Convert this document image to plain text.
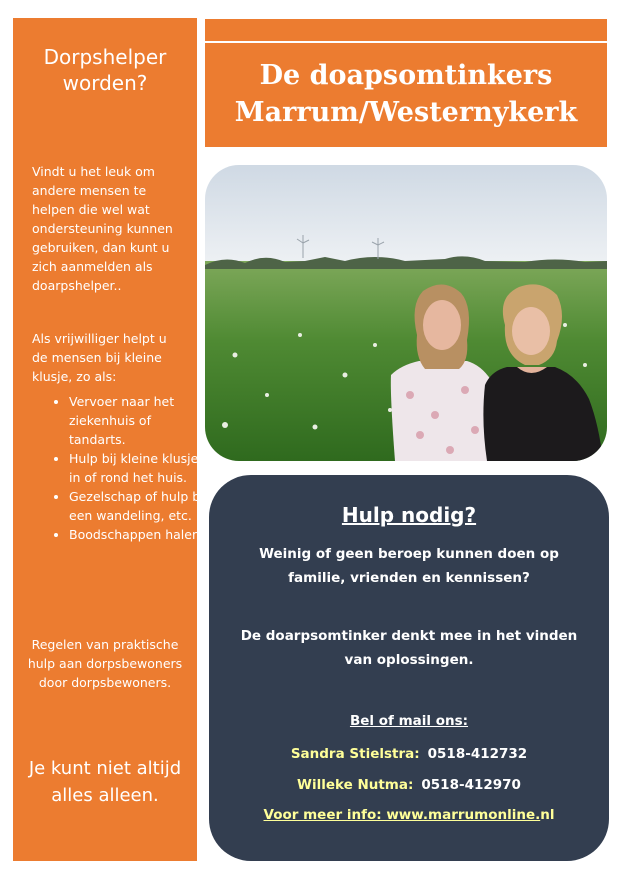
Dorpshelper worden?
Vindt u het leuk om andere mensen te helpen die wel wat ondersteuning kunnen gebruiken, dan kunt u zich aanmelden als doarpshelper..
Als vrijwilliger helpt u de mensen bij kleine klusje, zo als:
• Vervoer naar het ziekenhuis of tandarts.
• Hulp bij kleine klusje in of rond het huis.
• Gezelschap of hulp bij een wandeling, etc.
• Boodschappen halen.
Regelen van praktische hulp aan dorpsbewoners door dorpsbewoners.
Je kunt niet altijd alles alleen.
De doapsomtinkers
Marrum/Westernykerk
Hulp nodig?
Weinig of geen beroep kunnen doen op familie, vrienden en kennissen?
De doarpsomtinker denkt mee in het vinden van oplossingen.
Bel of mail ons:
Sandra Stielstra: 0518-412732
Willeke Nutma: 0518-412970
Voor meer info: www.marrumonline.nl
